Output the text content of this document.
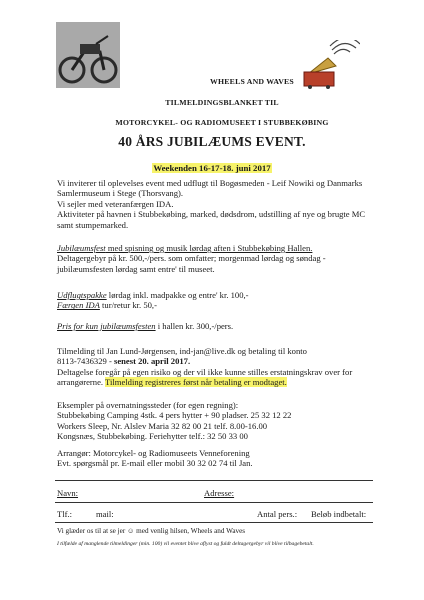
WHEELS AND WAVES
TILMELDINGSBLANKET TIL
MOTORCYKEL- OG RADIOMUSEET I STUBBEKØBING
40 ÅRS JUBILÆUMS EVENT.
Weekenden 16-17-18. juni 2017
Vi inviterer til oplevelses event med udflugt til Bogøsmeden - Leif Nowiki og Danmarks
Samlermuseum i Stege (Thorsvang).
Vi sejler med veteranfærgen IDA.
Aktiviteter på havnen i Stubbekøbing, marked, dødsdrom, udstilling af nye og brugte MC
samt stumpemarked.
Jubilæumsfest med spisning og musik lørdag aften i Stubbekøbing Hallen.
Deltagergebyr på kr. 500,-/pers. som omfatter; morgenmad lørdag og søndag -
jubilæumsfesten lørdag samt entre' til museet.
Udflugtspakke lørdag inkl. madpakke og entre' kr. 100,-
Færgen IDA tur/retur kr. 50,-
Pris for kun jubilæumsfesten i hallen kr. 300,-/pers.
Tilmelding til Jan Lund-Jørgensen, ind-jan@live.dk og betaling til konto
8113-7436329 - senest 20. april 2017.
Deltagelse foregår på egen risiko og der vil ikke kunne stilles erstatningskrav over for
arrangørerne. Tilmelding registreres først når betaling er modtaget.
Eksempler på overnatningssteder (for egen regning):
Stubbekøbing Camping 4stk. 4 pers hytter + 90 pladser. 25 32 12 22
Workers Sleep, Nr. Alslev Maria 32 82 00 21 telf. 8.00-16.00
Kongsnæs, Stubbekøbing. Feriehytter telf.: 32 50 33 00
Arrangør: Motorcykel- og Radiomuseets Venneforening
Evt. spørgsmål pr. E-mail eller mobil 30 32 02 74 til Jan.
Navn:	Adresse:
Tlf.:	mail:	Antal pers.: Beløb indbetalt:
Vi glæder os til at se jer ☺ med venlig hilsen, Wheels and Waves
I tilfælde af manglende tilmeldinger (min. 100) vil eventet blive aflyst og fuldt deltagergebyr vil blive tilbagebetalt.
